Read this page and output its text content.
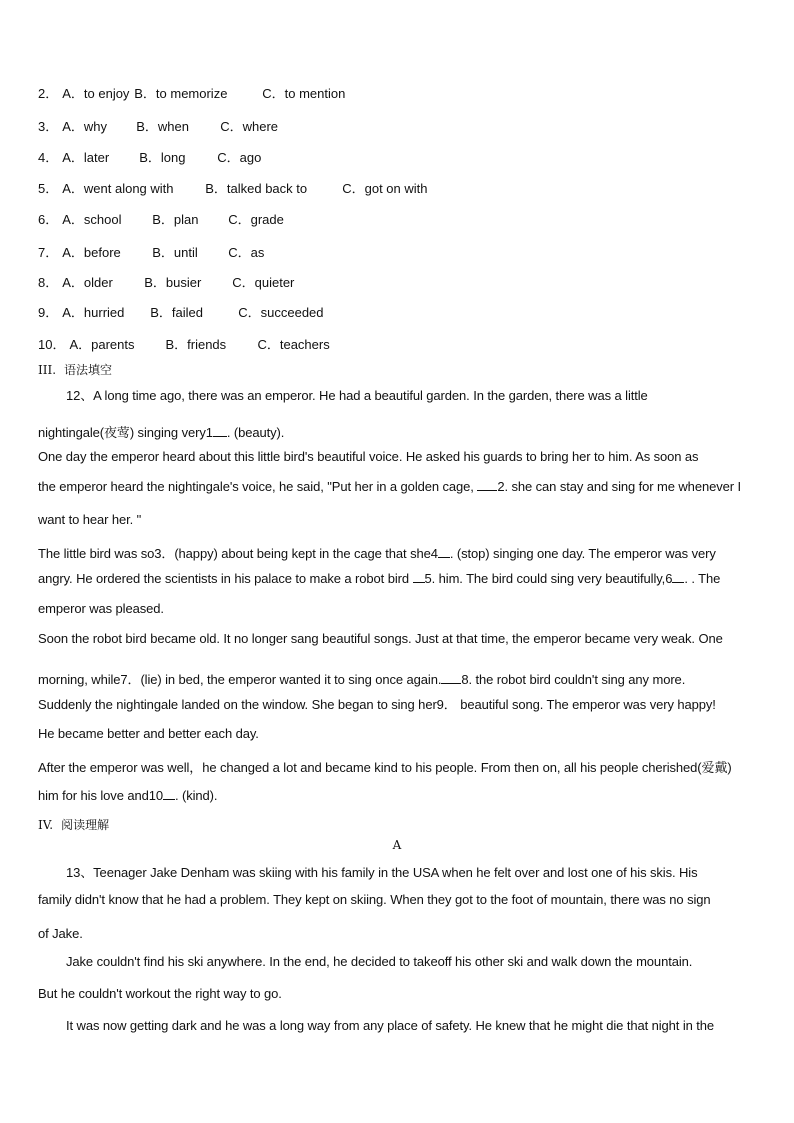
2． A．to enjoy B．to memorize	C．to mention
3． A．why B．when C．where
4． A．later B．long C．ago
5． A．went along with B．talked back to	C．got on with
6． A．school B．plan C．grade
7． A．before B．until C．as
8． A．older B．busier C．quieter
9． A．hurried B．failed	C．succeeded
10． A．parents B．friends C．teachers
III. 语法填空
12、A long time ago, there was an emperor. He had a beautiful garden. In the garden, there was a little
nightingale(夜莺) singing very1 . (beauty).
One day the emperor heard about this little bird's beautiful voice. He asked his guards to bring her to him. As soon as
the emperor heard the nightingale's voice, he said, "Put her in a golden cage, 2. she can stay and sing for me whenever I
want to hear her. "
The little bird was so3．(happy) about being kept in the cage that she4 . (stop) singing one day. The emperor was very
angry. He ordered the scientists in his palace to make a robot bird 5. him. The bird could sing very beautifully,6 . . The
emperor was pleased.
Soon the robot bird became old. It no longer sang beautiful songs. Just at that time, the emperor became very weak. One
morning, while7．(lie) in bed, the emperor wanted it to sing once again. 8. the robot bird couldn't sing any more.
Suddenly the nightingale landed on the window. She began to sing her9． beautiful song. The emperor was very happy!
He became better and better each day.
After the emperor was well，he changed a lot and became kind to his people. From then on, all his people cherished(爱戴)
him for his love and10 . (kind).
IV. 阅读理解
A
13、Teenager Jake Denham was skiing with his family in the USA when he felt over and lost one of his skis. His
family didn't know that he had a problem. They kept on skiing. When they got to the foot of mountain, there was no sign
of Jake.
Jake couldn't find his ski anywhere. In the end, he decided to takeoff his other ski and walk down the mountain.
But he couldn't workout the right way to go.
It was now getting dark and he was a long way from any place of safety. He knew that he might die that night in the
